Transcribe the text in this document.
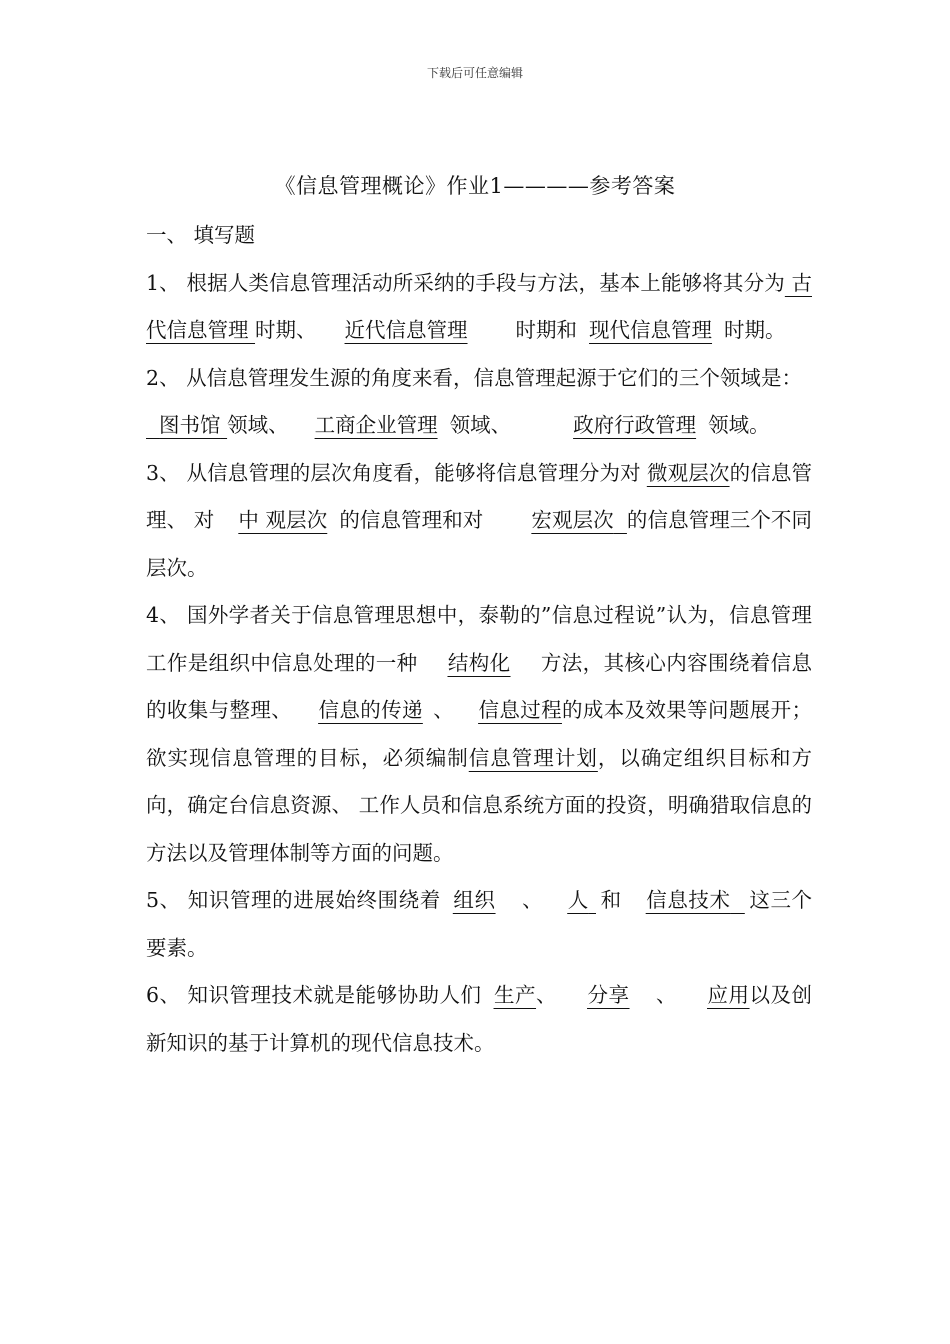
下载后可任意编辑
《信息管理概论》作业1————参考答案

一、 填写题

1、 根据人类信息管理活动所采纳的手段与方法，基本上能够将其分为 古代信息管理 时期、 近代信息管理 时期和 现代信息管理 时期。

2、 从信息管理发生源的角度来看，信息管理起源于它们的三个领域是：  图书馆 领域、 工商企业管理 领域、	政府行政管理 领域。

3、 从信息管理的层次角度看，能够将信息管理分为对 微观层次的信息管理、 对 中 观层次 的信息管理和对 宏观层次 的信息管理三个不同层次。

4、 国外学者关于信息管理思想中，泰勒的”信息过程说”认为，信息管理工作是组织中信息处理的一种 结构化 方法，其核心内容围绕着信息的收集与整理、 信息的传递 、 信息过程的成本及效果等问题展开；欲实现信息管理的目标，必须编制信息管理计划，以确定组织目标和方向，确定台信息资源、 工作人员和信息系统方面的投资，明确猎取信息的方法以及管理体制等方面的问题。

5、 知识管理的进展始终围绕着 组织 、 人 和 信息技术 这三个要素。

6、 知识管理技术就是能够协助人们 生产、 分享 、 应用以及创新知识的基于计算机的现代信息技术。
